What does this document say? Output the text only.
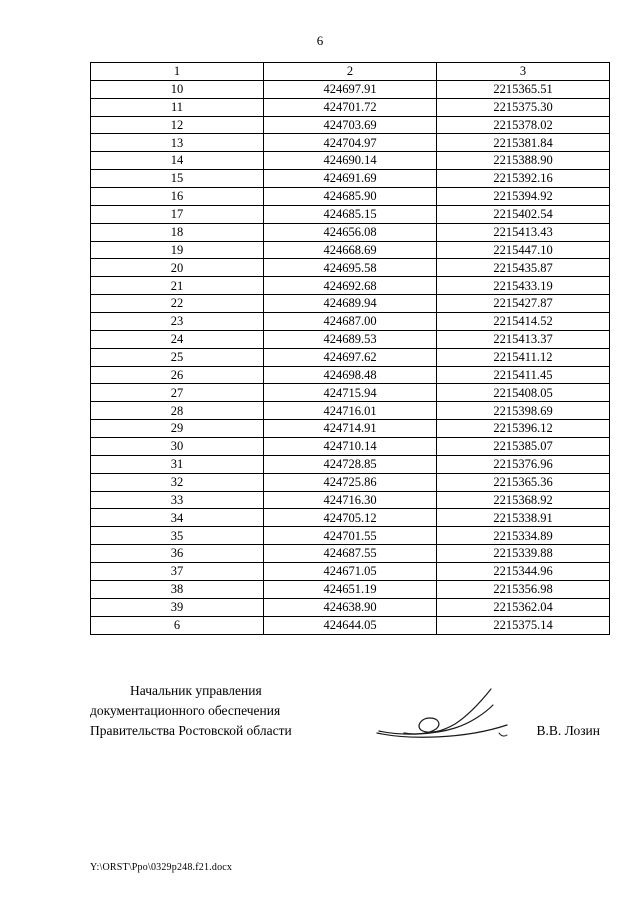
6
1	2	3
10	424697.91	2215365.51
11	424701.72	2215375.30
12	424703.69	2215378.02
13	424704.97	2215381.84
14	424690.14	2215388.90
15	424691.69	2215392.16
16	424685.90	2215394.92
17	424685.15	2215402.54
18	424656.08	2215413.43
19	424668.69	2215447.10
20	424695.58	2215435.87
21	424692.68	2215433.19
22	424689.94	2215427.87
23	424687.00	2215414.52
24	424689.53	2215413.37
25	424697.62	2215411.12
26	424698.48	2215411.45
27	424715.94	2215408.05
28	424716.01	2215398.69
29	424714.91	2215396.12
30	424710.14	2215385.07
31	424728.85	2215376.96
32	424725.86	2215365.36
33	424716.30	2215368.92
34	424705.12	2215338.91
35	424701.55	2215334.89
36	424687.55	2215339.88
37	424671.05	2215344.96
38	424651.19	2215356.98
39	424638.90	2215362.04
6	424644.05	2215375.14
Начальник управления
документационного обеспечения
Правительства Ростовской области	В.В. Лозин
Y:\ORST\Ppo\0329p248.f21.docx
